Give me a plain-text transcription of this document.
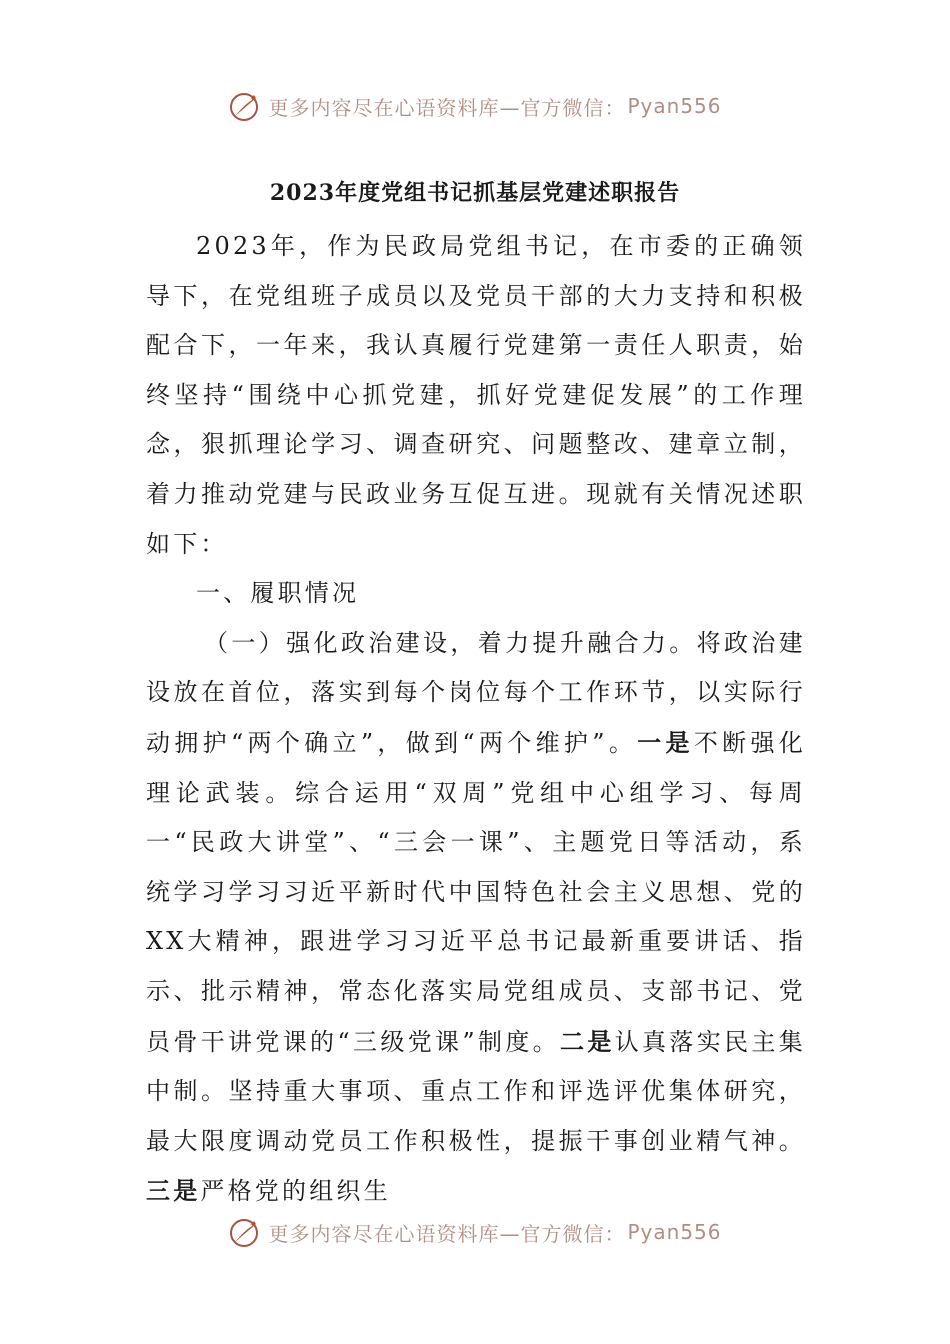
更多内容尽在心语资料库—官方微信： Pyan556
2023年度党组书记抓基层党建述职报告

2023年，作为民政局党组书记，在市委的正确领导下，在党组班子成员以及党员干部的大力支持和积极配合下，一年来，我认真履行党建第一责任人职责，始终坚持“围绕中心抓党建，抓好党建促发展”的工作理念，狠抓理论学习、调查研究、问题整改、建章立制，着力推动党建与民政业务互促互进。现就有关情况述职如下：

一、履职情况

（一）强化政治建设，着力提升融合力。将政治建设放在首位，落实到每个岗位每个工作环节，以实际行动拥护“两个确立”，做到“两个维护”。一是不断强化理论武装。综合运用“双周”党组中心组学习、每周一“民政大讲堂”、“三会一课”、主题党日等活动，系统学习学习习近平新时代中国特色社会主义思想、党的XX大精神，跟进学习习近平总书记最新重要讲话、指示、批示精神，常态化落实局党组成员、支部书记、党员骨干讲党课的“三级党课”制度。二是认真落实民主集中制。坚持重大事项、重点工作和评选评优集体研究，最大限度调动党员工作积极性，提振干事创业精气神。三是严格党的组织生

更多内容尽在心语资料库—官方微信： Pyan556
